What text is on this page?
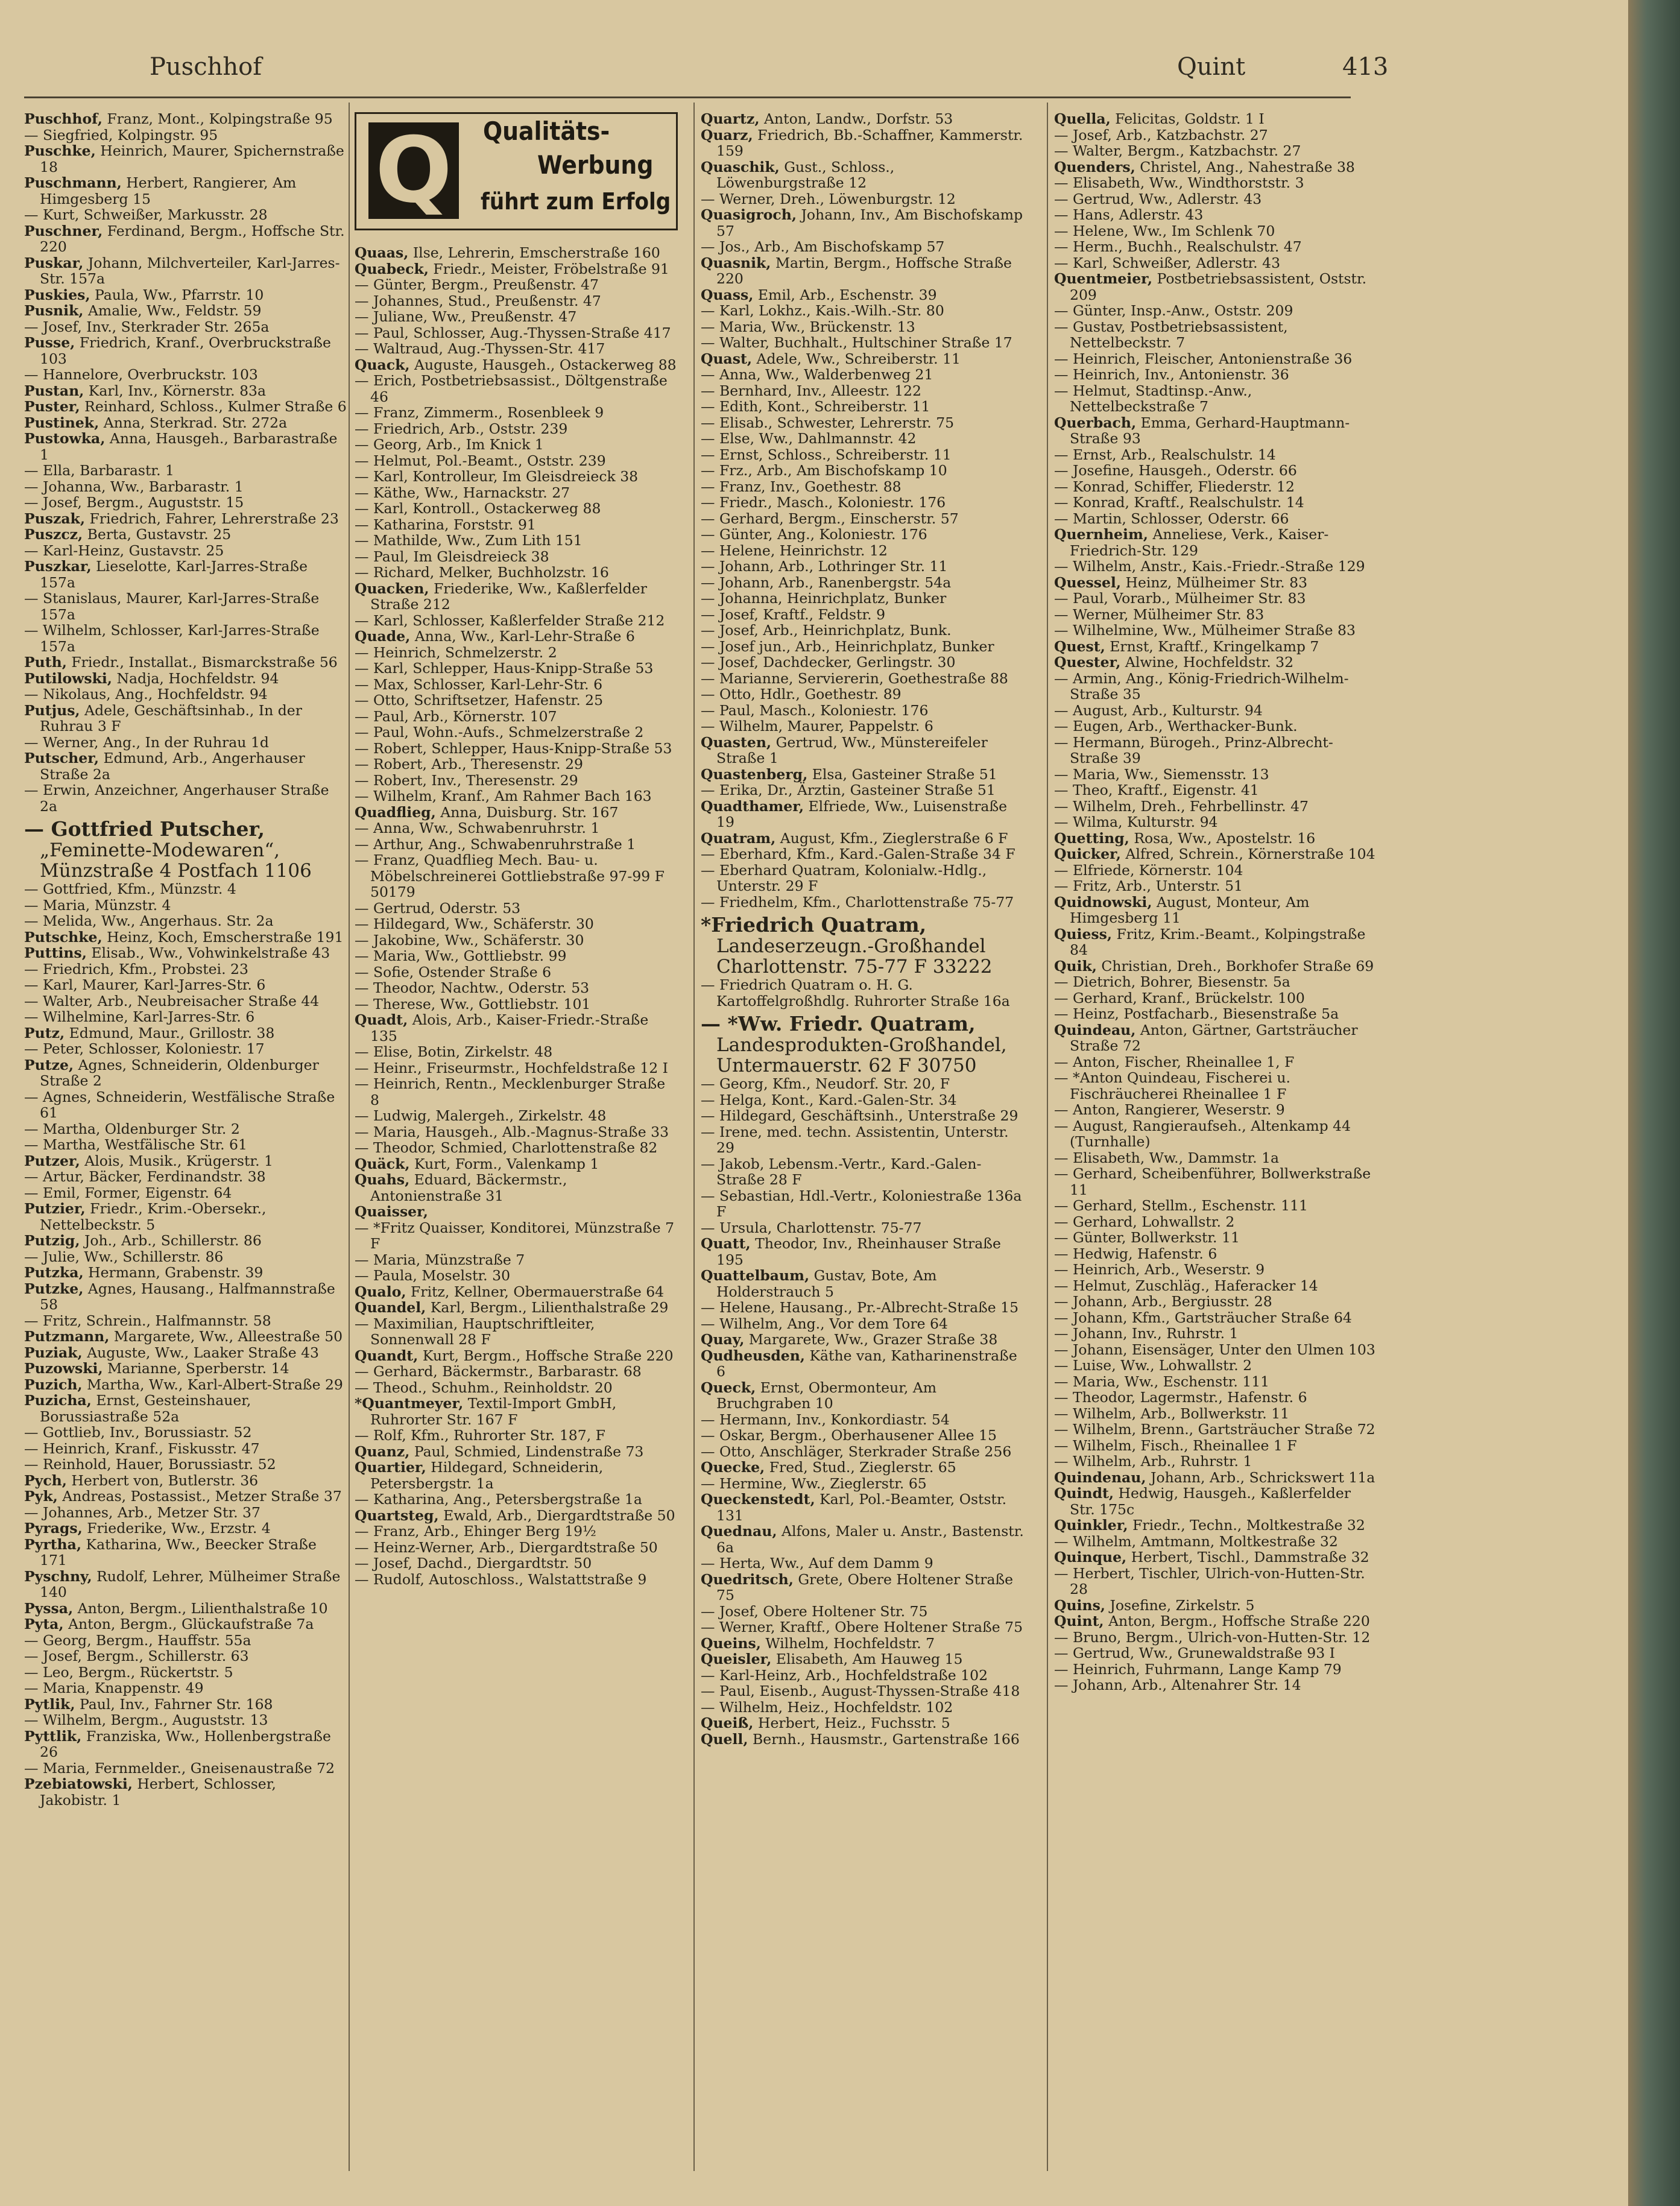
Puschhof	Quint	413

Puschhof, Franz, Mont., Kolpingstraße 95

— Siegfried, Kolpingstr. 95

Puschke, Heinrich, Maurer, Spichernstraße 18

Puschmann, Herbert, Rangierer, Am Himgesberg 15

— Kurt, Schweißer, Markusstr. 28

Puschner, Ferdinand, Bergm., Hoffsche Str. 220

Puskar, Johann, Milchverteiler, Karl-Jarres-Str. 157a

Puskies, Paula, Ww., Pfarrstr. 10

Pusnik, Amalie, Ww., Feldstr. 59

— Josef, Inv., Sterkrader Str. 265a

Pusse, Friedrich, Kranf., Overbruckstraße 103

— Hannelore, Overbruckstr. 103

Pustan, Karl, Inv., Körnerstr. 83a

Puster, Reinhard, Schloss., Kulmer Straße 6

Pustinek, Anna, Sterkrad. Str. 272a

Pustowka, Anna, Hausgeh., Barbarastraße 1

— Ella, Barbarastr. 1

— Johanna, Ww., Barbarastr. 1

— Josef, Bergm., Auguststr. 15

Puszak, Friedrich, Fahrer, Lehrerstraße 23

Puszcz, Berta, Gustavstr. 25

— Karl-Heinz, Gustavstr. 25

Puszkar, Lieselotte, Karl-Jarres-Straße 157a

— Stanislaus, Maurer, Karl-Jarres-Straße 157a

— Wilhelm, Schlosser, Karl-Jarres-Straße 157a

Puth, Friedr., Installat., Bismarckstraße 56

Putilowski, Nadja, Hochfeldstr. 94

— Nikolaus, Ang., Hochfeldstr. 94

Putjus, Adele, Geschäftsinhab., In der Ruhrau 3 F

— Werner, Ang., In der Ruhrau 1d

Putscher, Edmund, Arb., Angerhauser Straße 2a

— Erwin, Anzeichner, Angerhauser Straße 2a

— Gottfried Putscher, „Feminette-Modewaren“, Münzstraße 4 Postfach 1106

— Gottfried, Kfm., Münzstr. 4

— Maria, Münzstr. 4

— Melida, Ww., Angerhaus. Str. 2a

Putschke, Heinz, Koch, Emscherstraße 191

Puttins, Elisab., Ww., Vohwinkelstraße 43

— Friedrich, Kfm., Probstei. 23

— Karl, Maurer, Karl-Jarres-Str. 6

— Walter, Arb., Neubreisacher Straße 44

— Wilhelmine, Karl-Jarres-Str. 6

Putz, Edmund, Maur., Grillostr. 38

— Peter, Schlosser, Koloniestr. 17

Putze, Agnes, Schneiderin, Oldenburger Straße 2

— Agnes, Schneiderin, Westfälische Straße 61

— Martha, Oldenburger Str. 2

— Martha, Westfälische Str. 61

Putzer, Alois, Musik., Krügerstr. 1

— Artur, Bäcker, Ferdinandstr. 38

— Emil, Former, Eigenstr. 64

Putzier, Friedr., Krim.-Obersekr., Nettelbeckstr. 5

Putzig, Joh., Arb., Schillerstr. 86

— Julie, Ww., Schillerstr. 86

Putzka, Hermann, Grabenstr. 39

Putzke, Agnes, Hausang., Halfmannstraße 58

— Fritz, Schrein., Halfmannstr. 58

Putzmann, Margarete, Ww., Alleestraße 50

Puziak, Auguste, Ww., Laaker Straße 43

Puzowski, Marianne, Sperberstr. 14

Puzich, Martha, Ww., Karl-Albert-Straße 29

Puzicha, Ernst, Gesteinshauer, Borussiastraße 52a

— Gottlieb, Inv., Borussiastr. 52

— Heinrich, Kranf., Fiskusstr. 47

— Reinhold, Hauer, Borussiastr. 52

Pych, Herbert von, Butlerstr. 36

Pyk, Andreas, Postassist., Metzer Straße 37

— Johannes, Arb., Metzer Str. 37

Pyrags, Friederike, Ww., Erzstr. 4

Pyrtha, Katharina, Ww., Beecker Straße 171

Pyschny, Rudolf, Lehrer, Mülheimer Straße 140

Pyssa, Anton, Bergm., Lilienthalstraße 10

Pyta, Anton, Bergm., Glückaufstraße 7a

— Georg, Bergm., Hauffstr. 55a

— Josef, Bergm., Schillerstr. 63

— Leo, Bergm., Rückertstr. 5

— Maria, Knappenstr. 49

Pytlik, Paul, Inv., Fahrner Str. 168

— Wilhelm, Bergm., Auguststr. 13

Pyttlik, Franziska, Ww., Hollenbergstraße 26

— Maria, Fernmelder., Gneisenaustraße 72

Pzebiatowski, Herbert, Schlosser, Jakobistr. 1

Q Qualitäts-
Werbung
führt zum Erfolg

Quaas, Ilse, Lehrerin, Emscherstraße 160

Quabeck, Friedr., Meister, Fröbelstraße 91

— Günter, Bergm., Preußenstr. 47

— Johannes, Stud., Preußenstr. 47

— Juliane, Ww., Preußenstr. 47

— Paul, Schlosser, Aug.-Thyssen-Straße 417

— Waltraud, Aug.-Thyssen-Str. 417

Quack, Auguste, Hausgeh., Ostackerweg 88

— Erich, Postbetriebsassist., Döltgenstraße 46

— Franz, Zimmerm., Rosenbleek 9

— Friedrich, Arb., Oststr. 239

— Georg, Arb., Im Knick 1

— Helmut, Pol.-Beamt., Oststr. 239

— Karl, Kontrolleur, Im Gleisdreieck 38

— Käthe, Ww., Harnackstr. 27

— Karl, Kontroll., Ostackerweg 88

— Katharina, Forststr. 91

— Mathilde, Ww., Zum Lith 151

— Paul, Im Gleisdreieck 38

— Richard, Melker, Buchholzstr. 16

Quacken, Friederike, Ww., Kaßlerfelder Straße 212

— Karl, Schlosser, Kaßlerfelder Straße 212

Quade, Anna, Ww., Karl-Lehr-Straße 6

— Heinrich, Schmelzerstr. 2

— Karl, Schlepper, Haus-Knipp-Straße 53

— Max, Schlosser, Karl-Lehr-Str. 6

— Otto, Schriftsetzer, Hafenstr. 25

— Paul, Arb., Körnerstr. 107

— Paul, Wohn.-Aufs., Schmelzerstraße 2

— Robert, Schlepper, Haus-Knipp-Straße 53

— Robert, Arb., Theresenstr. 29

— Robert, Inv., Theresenstr. 29

— Wilhelm, Kranf., Am Rahmer Bach 163

Quadflieg, Anna, Duisburg. Str. 167

— Anna, Ww., Schwabenruhrstr. 1

— Arthur, Ang., Schwabenruhrstraße 1

— Franz, Quadflieg Mech. Bau- u. Möbelschreinerei Gottliebstraße 97-99 F 50179

— Gertrud, Oderstr. 53

— Hildegard, Ww., Schäferstr. 30

— Jakobine, Ww., Schäferstr. 30

— Maria, Ww., Gottliebstr. 99

— Sofie, Ostender Straße 6

— Theodor, Nachtw., Oderstr. 53

— Therese, Ww., Gottliebstr. 101

Quadt, Alois, Arb., Kaiser-Friedr.-Straße 135

— Elise, Botin, Zirkelstr. 48

— Heinr., Friseurmstr., Hochfeldstraße 12 I

— Heinrich, Rentn., Mecklenburger Straße 8

— Ludwig, Malergeh., Zirkelstr. 48

— Maria, Hausgeh., Alb.-Magnus-Straße 33

— Theodor, Schmied, Charlottenstraße 82

Quäck, Kurt, Form., Valenkamp 1

Quahs, Eduard, Bäckermstr., Antonienstraße 31

Quaisser,

— *Fritz Quaisser, Konditorei, Münzstraße 7 F

— Maria, Münzstraße 7

— Paula, Moselstr. 30

Qualo, Fritz, Kellner, Obermauerstraße 64

Quandel, Karl, Bergm., Lilienthalstraße 29

— Maximilian, Hauptschriftleiter, Sonnenwall 28 F

Quandt, Kurt, Bergm., Hoffsche Straße 220

— Gerhard, Bäckermstr., Barbarastr. 68

— Theod., Schuhm., Reinholdstr. 20

*Quantmeyer, Textil-Import GmbH, Ruhrorter Str. 167 F

— Rolf, Kfm., Ruhrorter Str. 187, F

Quanz, Paul, Schmied, Lindenstraße 73

Quartier, Hildegard, Schneiderin, Petersbergstr. 1a

— Katharina, Ang., Petersbergstraße 1a

Quartsteg, Ewald, Arb., Diergardtstraße 50

— Franz, Arb., Ehinger Berg 19½

— Heinz-Werner, Arb., Diergardtstraße 50

— Josef, Dachd., Diergardtstr. 50

— Rudolf, Autoschloss., Walstattstraße 9

Quartz, Anton, Landw., Dorfstr. 53

Quarz, Friedrich, Bb.-Schaffner, Kammerstr. 159

Quaschik, Gust., Schloss., Löwenburgstraße 12

— Werner, Dreh., Löwenburgstr. 12

Quasigroch, Johann, Inv., Am Bischofskamp 57

— Jos., Arb., Am Bischofskamp 57

Quasnik, Martin, Bergm., Hoffsche Straße 220

Quass, Emil, Arb., Eschenstr. 39

— Karl, Lokhz., Kais.-Wilh.-Str. 80

— Maria, Ww., Brückenstr. 13

— Walter, Buchhalt., Hultschiner Straße 17

Quast, Adele, Ww., Schreiberstr. 11

— Anna, Ww., Walderbenweg 21

— Bernhard, Inv., Alleestr. 122

— Edith, Kont., Schreiberstr. 11

— Elisab., Schwester, Lehrerstr. 75

— Else, Ww., Dahlmannstr. 42

— Ernst, Schloss., Schreiberstr. 11

— Frz., Arb., Am Bischofskamp 10

— Franz, Inv., Goethestr. 88

— Friedr., Masch., Koloniestr. 176

— Gerhard, Bergm., Einscherstr. 57

— Günter, Ang., Koloniestr. 176

— Helene, Heinrichstr. 12

— Johann, Arb., Lothringer Str. 11

— Johann, Arb., Ranenbergstr. 54a

— Johanna, Heinrichplatz, Bunker

— Josef, Kraftf., Feldstr. 9

— Josef, Arb., Heinrichplatz, Bunk.

— Josef jun., Arb., Heinrichplatz, Bunker

— Josef, Dachdecker, Gerlingstr. 30

— Marianne, Serviererin, Goethestraße 88

— Otto, Hdlr., Goethestr. 89

— Paul, Masch., Koloniestr. 176

— Wilhelm, Maurer, Pappelstr. 6

Quasten, Gertrud, Ww., Münstereifeler Straße 1

Quastenberg, Elsa, Gasteiner Straße 51

— Erika, Dr., Ärztin, Gasteiner Straße 51

Quadthamer, Elfriede, Ww., Luisenstraße 19

Quatram, August, Kfm., Zieglerstraße 6 F

— Eberhard, Kfm., Kard.-Galen-Straße 34 F

— Eberhard Quatram, Kolonialw.-Hdlg., Unterstr. 29 F

— Friedhelm, Kfm., Charlottenstraße 75-77

*Friedrich Quatram, Landeserzeugn.-Großhandel Charlottenstr. 75-77 F 33222

— Friedrich Quatram o. H. G. Kartoffelgroßhdlg. Ruhrorter Straße 16a

— *Ww. Friedr. Quatram, Landesprodukten-Großhandel, Untermauerstr. 62 F 30750

— Georg, Kfm., Neudorf. Str. 20, F

— Helga, Kont., Kard.-Galen-Str. 34

— Hildegard, Geschäftsinh., Unterstraße 29

— Irene, med. techn. Assistentin, Unterstr. 29

— Jakob, Lebensm.-Vertr., Kard.-Galen-Straße 28 F

— Sebastian, Hdl.-Vertr., Koloniestraße 136a F

— Ursula, Charlottenstr. 75-77

Quatt, Theodor, Inv., Rheinhauser Straße 195

Quattelbaum, Gustav, Bote, Am Holderstrauch 5

— Helene, Hausang., Pr.-Albrecht-Straße 15

— Wilhelm, Ang., Vor dem Tore 64

Quay, Margarete, Ww., Grazer Straße 38

Qudheusden, Käthe van, Katharinenstraße 6

Queck, Ernst, Obermonteur, Am Bruchgraben 10

— Hermann, Inv., Konkordiastr. 54

— Oskar, Bergm., Oberhausener Allee 15

— Otto, Anschläger, Sterkrader Straße 256

Quecke, Fred, Stud., Zieglerstr. 65

— Hermine, Ww., Zieglerstr. 65

Queckenstedt, Karl, Pol.-Beamter, Oststr. 131

Quednau, Alfons, Maler u. Anstr., Bastenstr. 6a

— Herta, Ww., Auf dem Damm 9

Quedritsch, Grete, Obere Holtener Straße 75

— Josef, Obere Holtener Str. 75

— Werner, Kraftf., Obere Holtener Straße 75

Queins, Wilhelm, Hochfeldstr. 7

Queisler, Elisabeth, Am Hauweg 15

— Karl-Heinz, Arb., Hochfeldstraße 102

— Paul, Eisenb., August-Thyssen-Straße 418

— Wilhelm, Heiz., Hochfeldstr. 102

Queiß, Herbert, Heiz., Fuchsstr. 5

Quell, Bernh., Hausmstr., Gartenstraße 166

Quella, Felicitas, Goldstr. 1 I

— Josef, Arb., Katzbachstr. 27

— Walter, Bergm., Katzbachstr. 27

Quenders, Christel, Ang., Nahestraße 38

— Elisabeth, Ww., Windthorststr. 3

— Gertrud, Ww., Adlerstr. 43

— Hans, Adlerstr. 43

— Helene, Ww., Im Schlenk 70

— Herm., Buchh., Realschulstr. 47

— Karl, Schweißer, Adlerstr. 43

Quentmeier, Postbetriebsassistent, Oststr. 209

— Günter, Insp.-Anw., Oststr. 209

— Gustav, Postbetriebsassistent, Nettelbeckstr. 7

— Heinrich, Fleischer, Antonienstraße 36

— Heinrich, Inv., Antonienstr. 36

— Helmut, Stadtinsp.-Anw., Nettelbeckstraße 7

Querbach, Emma, Gerhard-Hauptmann-Straße 93

— Ernst, Arb., Realschulstr. 14

— Josefine, Hausgeh., Oderstr. 66

— Konrad, Schiffer, Fliederstr. 12

— Konrad, Kraftf., Realschulstr. 14

— Martin, Schlosser, Oderstr. 66

Quernheim, Anneliese, Verk., Kaiser-Friedrich-Str. 129

— Wilhelm, Anstr., Kais.-Friedr.-Straße 129

Quessel, Heinz, Mülheimer Str. 83

— Paul, Vorarb., Mülheimer Str. 83

— Werner, Mülheimer Str. 83

— Wilhelmine, Ww., Mülheimer Straße 83

Quest, Ernst, Kraftf., Kringelkamp 7

Quester, Alwine, Hochfeldstr. 32

— Armin, Ang., König-Friedrich-Wilhelm-Straße 35

— August, Arb., Kulturstr. 94

— Eugen, Arb., Werthacker-Bunk.

— Hermann, Bürogeh., Prinz-Albrecht-Straße 39

— Maria, Ww., Siemensstr. 13

— Theo, Kraftf., Eigenstr. 41

— Wilhelm, Dreh., Fehrbellinstr. 47

— Wilma, Kulturstr. 94

Quetting, Rosa, Ww., Apostelstr. 16

Quicker, Alfred, Schrein., Körnerstraße 104

— Elfriede, Körnerstr. 104

— Fritz, Arb., Unterstr. 51

Quidnowski, August, Monteur, Am Himgesberg 11

Quiess, Fritz, Krim.-Beamt., Kolpingstraße 84

Quik, Christian, Dreh., Borkhofer Straße 69

— Dietrich, Bohrer, Biesenstr. 5a

— Gerhard, Kranf., Brückelstr. 100

— Heinz, Postfacharb., Biesenstraße 5a

Quindeau, Anton, Gärtner, Gartsträucher Straße 72

— Anton, Fischer, Rheinallee 1, F

— *Anton Quindeau, Fischerei u. Fischräucherei Rheinallee 1 F

— Anton, Rangierer, Weserstr. 9

— August, Rangieraufseh., Altenkamp 44 (Turnhalle)

— Elisabeth, Ww., Dammstr. 1a

— Gerhard, Scheibenführer, Bollwerkstraße 11

— Gerhard, Stellm., Eschenstr. 111

— Gerhard, Lohwallstr. 2

— Günter, Bollwerkstr. 11

— Hedwig, Hafenstr. 6

— Heinrich, Arb., Weserstr. 9

— Helmut, Zuschläg., Haferacker 14

— Johann, Arb., Bergiusstr. 28

— Johann, Kfm., Gartsträucher Straße 64

— Johann, Inv., Ruhrstr. 1

— Johann, Eisensäger, Unter den Ulmen 103

— Luise, Ww., Lohwallstr. 2

— Maria, Ww., Eschenstr. 111

— Theodor, Lagermstr., Hafenstr. 6

— Wilhelm, Arb., Bollwerkstr. 11

— Wilhelm, Brenn., Gartsträucher Straße 72

— Wilhelm, Fisch., Rheinallee 1 F

— Wilhelm, Arb., Ruhrstr. 1

Quindenau, Johann, Arb., Schrickswert 11a

Quindt, Hedwig, Hausgeh., Kaßlerfelder Str. 175c

Quinkler, Friedr., Techn., Moltkestraße 32

— Wilhelm, Amtmann, Moltkestraße 32

Quinque, Herbert, Tischl., Dammstraße 32

— Herbert, Tischler, Ulrich-von-Hutten-Str. 28

Quins, Josefine, Zirkelstr. 5

Quint, Anton, Bergm., Hoffsche Straße 220

— Bruno, Bergm., Ulrich-von-Hutten-Str. 12

— Gertrud, Ww., Grunewaldstraße 93 I

— Heinrich, Fuhrmann, Lange Kamp 79

— Johann, Arb., Altenahrer Str. 14
